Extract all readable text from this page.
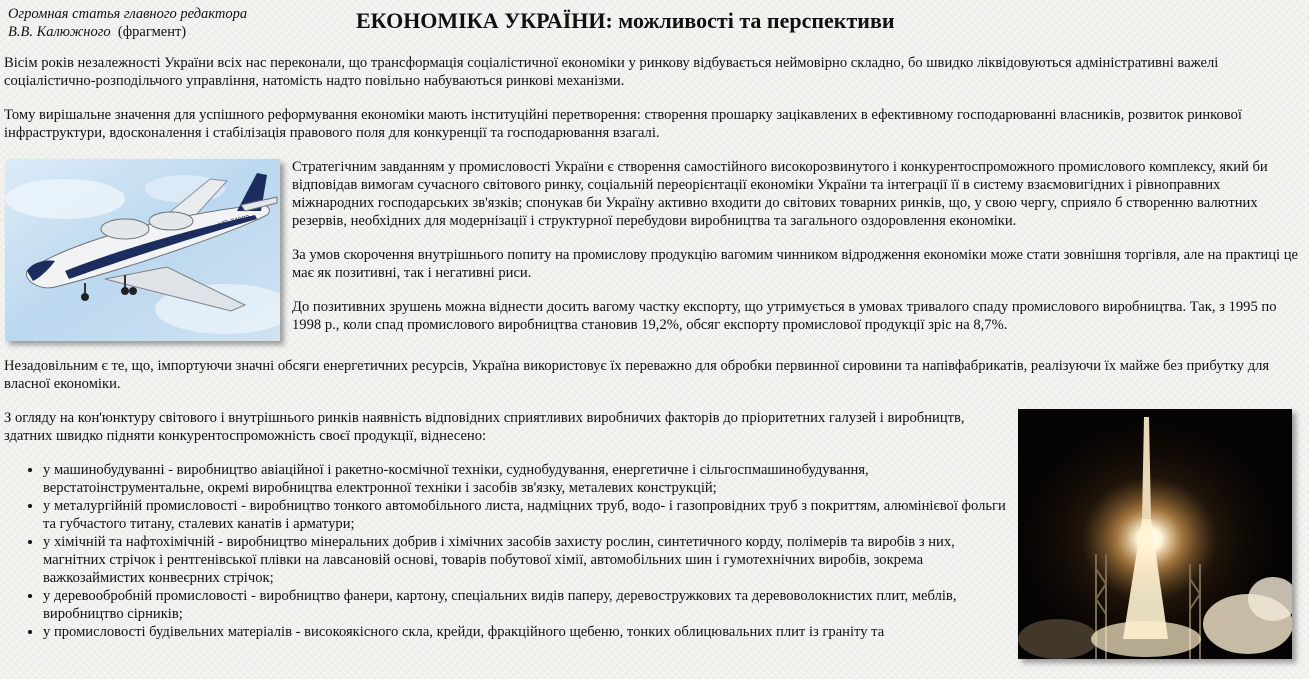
Огромная статья главного редактора
В.В. Калюжного (фрагмент)	ЕКОНОМІКА УКРАЇНИ: можливості та перспективи

Вісім років незалежності України всіх нас переконали, що трансформація соціалістичної економіки у ринкову відбувається неймовірно складно, бо швидко ліквідовуються адміністративні важелі соціалістично-розподільчого управління, натомість надто повільно набуваються ринкові механізми.

Тому вирішальне значення для успішного реформування економіки мають інституційні перетворення: створення прошарку зацікавлених в ефективному господарюванні власників, розвиток ринкової інфраструктури, вдосконалення і стабілізація правового поля для конкуренції та господарювання взагалі.

UR-74098

Стратегічним завданням у промисловості України є створення самостійного високорозвинутого і конкурентоспроможного промислового комплексу, який би відповідав вимогам сучасного світового ринку, соціальній переорієнтації економіки України та інтеграції її в систему взаємовигідних і рівноправних міжнародних господарських зв'язків; спонукав би Україну активно входити до світових товарних ринків, що, у свою чергу, сприяло б створенню валютних резервів, необхідних для модернізації і структурної перебудови виробництва та загального оздоровлення економіки.

За умов скорочення внутрішнього попиту на промислову продукцію вагомим чинником відродження економіки може стати зовнішня торгівля, але на практиці це має як позитивні, так і негативні риси.

До позитивних зрушень можна віднести досить вагому частку експорту, що утримується в умовах тривалого спаду промислового виробництва. Так, з 1995 по 1998 р., коли спад промислового виробництва становив 19,2%, обсяг експорту промислової продукції зріс на 8,7%.

Незадовільним є те, що, імпортуючи значні обсяги енергетичних ресурсів, Україна використовує їх переважно для обробки первинної сировини та напівфабрикатів, реалізуючи їх майже без прибутку для власної економіки.

З огляду на кон'юнктуру світового і внутрішнього ринків наявність відповідних сприятливих виробничих факторів до пріоритетних галузей і виробництв, здатних швидко підняти конкурентоспроможність своєї продукції, віднесено:

• у машинобудуванні - виробництво авіаційної і ракетно-космічної техніки, суднобудування, енергетичне і сільгоспмашинобудування, верстатоінструментальне, окремі виробництва електронної техніки і засобів зв'язку, металевих конструкцій;
• у металургійній промисловості - виробництво тонкого автомобільного листа, надміцних труб, водо- і газопровідних труб з покриттям, алюмінієвої фольги та губчастого титану, сталевих канатів і арматури;
• у хімічній та нафтохімічній - виробництво мінеральних добрив і хімічних засобів захисту рослин, синтетичного корду, полімерів та виробів з них, магнітних стрічок і рентгенівської плівки на лавсановій основі, товарів побутової хімії, автомобільних шин і гумотехнічних виробів, зокрема важкозаймистих конвеєрних стрічок;
• у деревообробній промисловості - виробництво фанери, картону, спеціальних видів паперу, деревостружкових та деревоволокнистих плит, меблів, виробництво сірників;
• у промисловості будівельних матеріалів - високоякісного скла, крейди, фракційного щебеню, тонких облицювальних плит із граніту та
